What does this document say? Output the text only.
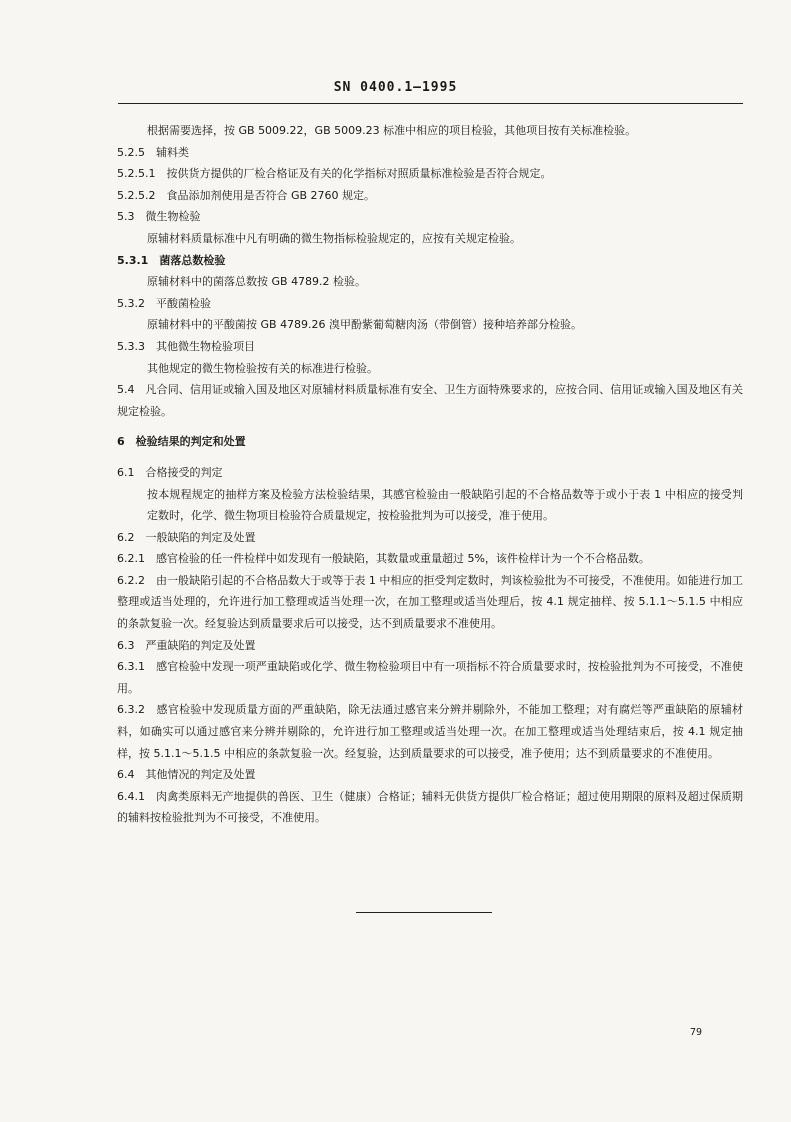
SN 0400.1—1995

根据需要选择，按 GB 5009.22，GB 5009.23 标准中相应的项目检验，其他项目按有关标准检验。

5.2.5　辅料类

5.2.5.1　按供货方提供的厂检合格证及有关的化学指标对照质量标准检验是否符合规定。

5.2.5.2　食品添加剂使用是否符合 GB 2760 规定。

5.3　微生物检验

原辅材料质量标准中凡有明确的微生物指标检验规定的，应按有关规定检验。

5.3.1　菌落总数检验

原辅材料中的菌落总数按 GB 4789.2 检验。

5.3.2　平酸菌检验

原辅材料中的平酸菌按 GB 4789.26 溴甲酚紫葡萄糖肉汤（带倒管）接种培养部分检验。

5.3.3　其他微生物检验项目

其他规定的微生物检验按有关的标准进行检验。

5.4　凡合同、信用证或输入国及地区对原辅材料质量标准有安全、卫生方面特殊要求的，应按合同、信用证或输入国及地区有关规定检验。

6　检验结果的判定和处置

6.1　合格接受的判定

按本规程规定的抽样方案及检验方法检验结果，其感官检验由一般缺陷引起的不合格品数等于或小于表 1 中相应的接受判定数时，化学、微生物项目检验符合质量规定，按检验批判为可以接受，准于使用。

6.2　一般缺陷的判定及处置

6.2.1　感官检验的任一件检样中如发现有一般缺陷，其数量或重量超过 5%，该件检样计为一个不合格品数。

6.2.2　由一般缺陷引起的不合格品数大于或等于表 1 中相应的拒受判定数时，判该检验批为不可接受，不准使用。如能进行加工整理或适当处理的，允许进行加工整理或适当处理一次，在加工整理或适当处理后，按 4.1 规定抽样、按 5.1.1～5.1.5 中相应的条款复验一次。经复验达到质量要求后可以接受，达不到质量要求不准使用。

6.3　严重缺陷的判定及处置

6.3.1　感官检验中发现一项严重缺陷或化学、微生物检验项目中有一项指标不符合质量要求时，按检验批判为不可接受，不准使用。

6.3.2　感官检验中发现质量方面的严重缺陷，除无法通过感官来分辨并剔除外，不能加工整理；对有腐烂等严重缺陷的原辅材料，如确实可以通过感官来分辨并剔除的，允许进行加工整理或适当处理一次。在加工整理或适当处理结束后，按 4.1 规定抽样，按 5.1.1～5.1.5 中相应的条款复验一次。经复验，达到质量要求的可以接受，准予使用；达不到质量要求的不准使用。

6.4　其他情况的判定及处置

6.4.1　肉禽类原料无产地提供的兽医、卫生（健康）合格证；辅料无供货方提供厂检合格证；超过使用期限的原料及超过保质期的辅料按检验批判为不可接受，不准使用。

79
